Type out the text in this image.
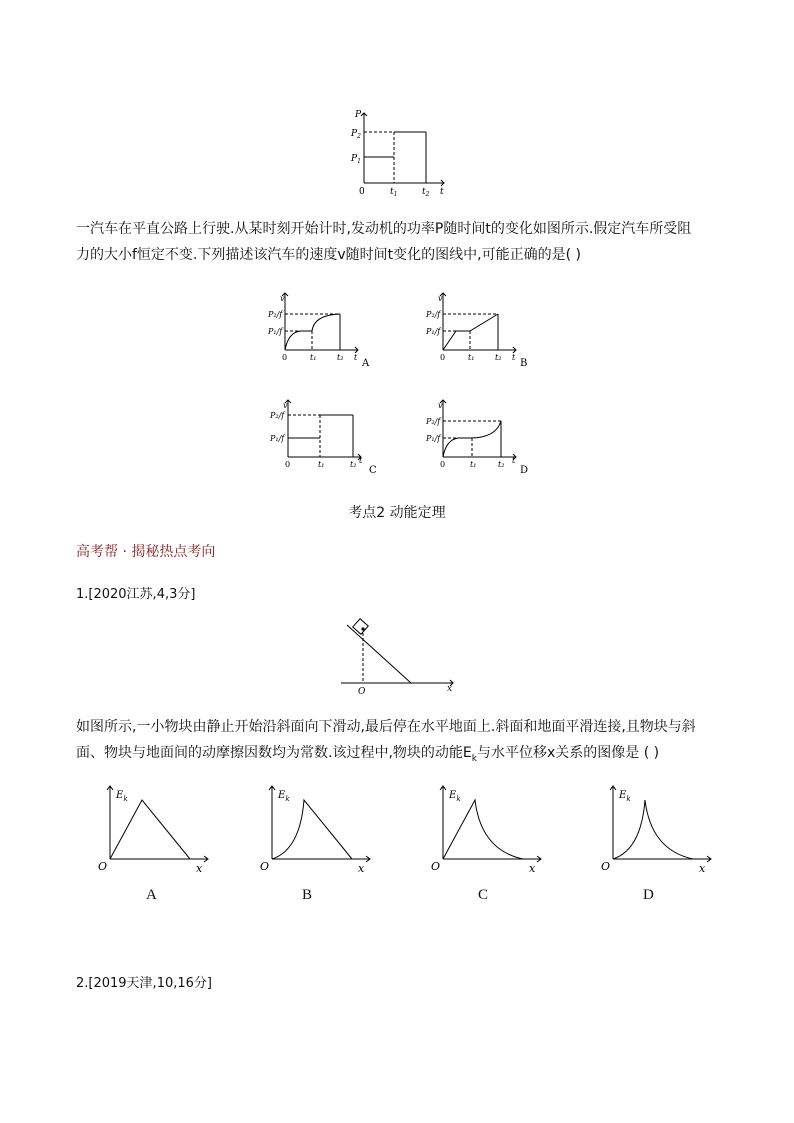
P
$P_2$
$P_1$
0	$t_1$	$t_2$ t
一汽车在平直公路上行驶.从某时刻开始计时,发动机的功率P随时间t的变化如图所示.假定汽车所受阻
力的大小f恒定不变.下列描述该汽车的速度v随时间t变化的图线中,可能正确的是( )
v
P₂/f
P₁/f
0	t₁	t₂ t
A
v
P₂/f
P₁/f
0	t₁	t₂ t
B
v
P₂/f
P₁/f
0	t₁	t₂ t
C
v
P₂/f
P₁/f
0	t₁	t₂ t
D
考点2 动能定理
高考帮 · 揭秘热点考向
1.[2020江苏,4,3分]
O	x
如图所示,一小物块由静止开始沿斜面向下滑动,最后停在水平地面上.斜面和地面平滑连接,且物块与斜
面、物块与地面间的动摩擦因数均为常数.该过程中,物块的动能$E_k$与水平位移x关系的图像是 ( )
$E_k$
O	x
$E_k$
O	x
$E_k$
O	x
$E_k$
O	x
A	B	C	D
2.[2019天津,10,16分]
